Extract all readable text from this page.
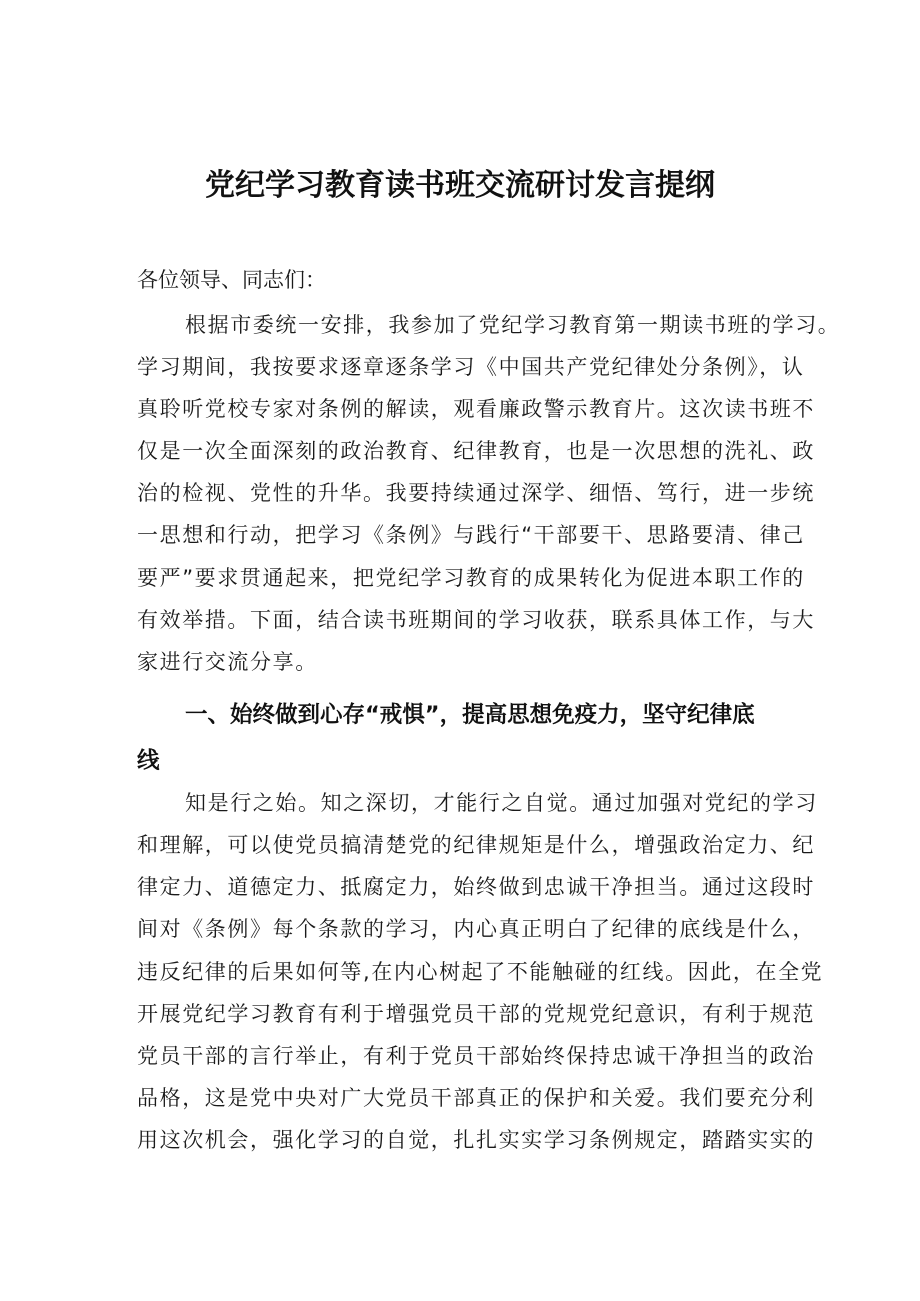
党纪学习教育读书班交流研讨发言提纲
各位领导、同志们：
根据市委统一安排，我参加了党纪学习教育第一期读书班的学习。
学习期间，我按要求逐章逐条学习《中国共产党纪律处分条例》，认
真聆听党校专家对条例的解读，观看廉政警示教育片。这次读书班不
仅是一次全面深刻的政治教育、纪律教育，也是一次思想的洗礼、政
治的检视、党性的升华。我要持续通过深学、细悟、笃行，进一步统
一思想和行动，把学习《条例》与践行“干部要干、思路要清、律己
要严”要求贯通起来，把党纪学习教育的成果转化为促进本职工作的
有效举措。下面，结合读书班期间的学习收获，联系具体工作，与大
家进行交流分享。
一、始终做到心存“戒惧”，提高思想免疫力，坚守纪律底
线
知是行之始。知之深切，才能行之自觉。通过加强对党纪的学习
和理解，可以使党员搞清楚党的纪律规矩是什么，增强政治定力、纪
律定力、道德定力、抵腐定力，始终做到忠诚干净担当。通过这段时
间对《条例》每个条款的学习，内心真正明白了纪律的底线是什么，
违反纪律的后果如何等,在内心树起了不能触碰的红线。因此，在全党
开展党纪学习教育有利于增强党员干部的党规党纪意识，有利于规范
党员干部的言行举止，有利于党员干部始终保持忠诚干净担当的政治
品格，这是党中央对广大党员干部真正的保护和关爱。我们要充分利
用这次机会，强化学习的自觉，扎扎实实学习条例规定，踏踏实实的
